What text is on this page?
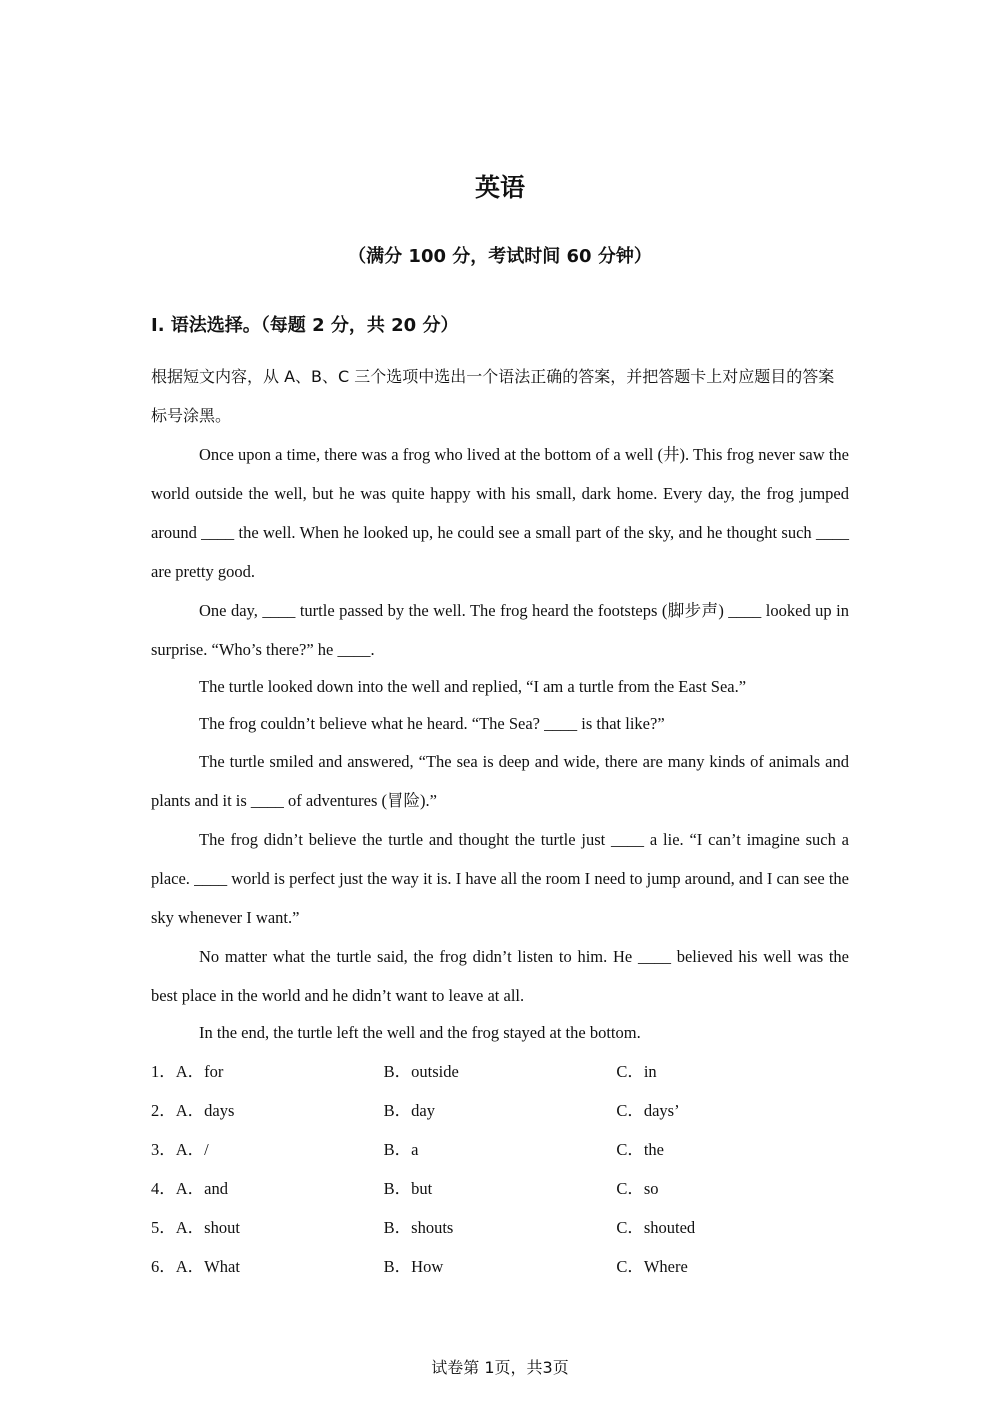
英语
（满分 100 分，考试时间 60 分钟）
I. 语法选择。（每题 2 分，共 20 分）

根据短文内容，从 A、B、C 三个选项中选出一个语法正确的答案，并把答题卡上对应题目的答案标号涂黑。

Once upon a time, there was a frog who lived at the bottom of a well (井). This frog never saw the world outside the well, but he was quite happy with his small, dark home. Every day, the frog jumped around ____ the well. When he looked up, he could see a small part of the sky, and he thought such ____ are pretty good.

One day, ____ turtle passed by the well. The frog heard the footsteps (脚步声) ____ looked up in surprise. “Who’s there?” he ____.

The turtle looked down into the well and replied, “I am a turtle from the East Sea.”

The frog couldn’t believe what he heard. “The Sea? ____ is that like?”

The turtle smiled and answered, “The sea is deep and wide, there are many kinds of animals and plants and it is ____ of adventures (冒险).”

The frog didn’t believe the turtle and thought the turtle just ____ a lie. “I can’t imagine such a place. ____ world is perfect just the way it is. I have all the room I need to jump around, and I can see the sky whenever I want.”

No matter what the turtle said, the frog didn’t listen to him. He ____ believed his well was the best place in the world and he didn’t want to leave at all.

In the end, the turtle left the well and the frog stayed at the bottom.

1．A．for	B．outside	C．in
2．A．days	B．day	C．days’
3．A．/	B．a	C．the
4．A．and	B．but	C．so
5．A．shout	B．shouts	C．shouted
6．A．What	B．How	C．Where
试卷第 1页，共3页
